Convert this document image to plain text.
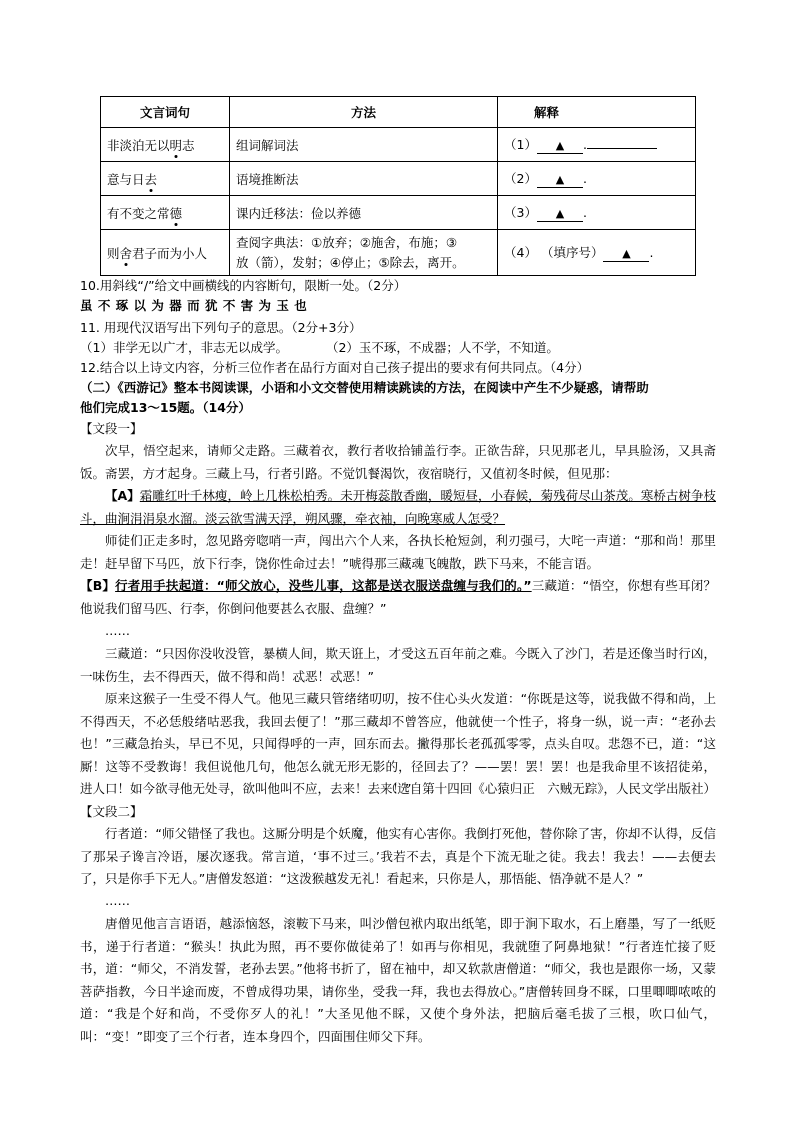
文言词句	方法	解释
非淡泊无以明志	组词解词法	（1） ▲ .
意与日去	语境推断法	（2） ▲ .
有不变之常德	课内迁移法：俭以养德	（3） ▲ .
则舍君子而为小人	查阅字典法：①放弃；②施舍，布施；③
放（箭），发射；④停止；⑤除去，离开。	（4） （填序号） ▲ .
10.用斜线“/”给文中画横线的内容断句，限断一处。（2分）
虽 不 琢 以 为 器 而 犹 不 害 为 玉 也
11. 用现代汉语写出下列句子的意思。（2分+3分）
（1）非学无以广才，非志无以成学。	（2）玉不琢，不成器；人不学，不知道。
12.结合以上诗文内容，分析三位作者在品行方面对自己孩子提出的要求有何共同点。（4分）
（二）《西游记》整本书阅读课，小语和小文交替使用精读跳读的方法，在阅读中产生不少疑惑，请帮助
他们完成13～15题。（14分）
【文段一】
次早，悟空起来，请师父走路。三藏着衣，教行者收拾铺盖行李。正欲告辞，只见那老儿，早具脸汤，又具斋饭。斋罢，方才起身。三藏上马，行者引路。不觉饥餐渴饮，夜宿晓行，又值初冬时候，但见那：
【A】霜雕红叶千林瘦，岭上几株松柏秀。未开梅蕊散香幽，暖短昼，小春候，菊残荷尽山茶茂。寒桥古树争枝斗，曲涧涓涓泉水溜。淡云欲雪满天浮，朔风骤，牵衣袖，向晚寒威人怎受？
师徒们正走多时，忽见路旁唿哨一声，闯出六个人来，各执长枪短剑，利刃强弓，大咤一声道：“那和尚！那里走！赶早留下马匹，放下行李，饶你性命过去！”唬得那三藏魂飞魄散，跌下马来，不能言语。
【B】行者用手扶起道：“师父放心，没些儿事，这都是送衣服送盘缠与我们的。”三藏道：“悟空，你想有些耳闭？他说我们留马匹、行李，你倒问他要甚么衣服、盘缠？”
……
三藏道：“只因你没收没管，暴横人间，欺天诳上，才受这五百年前之难。今既入了沙门，若是还像当时行凶，一味伤生，去不得西天，做不得和尚！忒恶！忒恶！”
原来这猴子一生受不得人气。他见三藏只管绪绪叨叨，按不住心头火发道：“你既是这等，说我做不得和尚，上不得西天，不必恁般绪咕恶我，我回去便了！”那三藏却不曾答应，他就使一个性子，将身一纵，说一声：“老孙去也！”三藏急抬头，早已不见，只闻得呼的一声，回东而去。撇得那长老孤孤零零，点头自叹。悲怨不已，道：“这厮！这等不受教诲！我但说他几句，他怎么就无形无影的，径回去了？——罢！罢！罢！也是我命里不该招徒弟，进人口！如今欲寻他无处寻，欲叫他叫不应，去来！去来！”
（选自第十四回《心猿归正　六贼无踪》，人民文学出版社）
【文段二】
行者道：“师父错怪了我也。这厮分明是个妖魔，他实有心害你。我倒打死他，替你除了害，你却不认得，反信了那呆子谗言冷语，屡次逐我。常言道，‘事不过三。’我若不去，真是个下流无耻之徒。我去！我去！——去便去了，只是你手下无人。”唐僧发怒道：“这泼猴越发无礼！看起来，只你是人，那悟能、悟净就不是人？”
……
唐僧见他言言语语，越添恼怒，滚鞍下马来，叫沙僧包袱内取出纸笔，即于涧下取水，石上磨墨，写了一纸贬书，递于行者道：“猴头！执此为照，再不要你做徒弟了！如再与你相见，我就堕了阿鼻地狱！”行者连忙接了贬书，道：“师父，不消发誓，老孙去罢。”他将书折了，留在袖中，却又软款唐僧道：“师父，我也是跟你一场，又蒙菩萨指教，今日半途而废，不曾成得功果，请你坐，受我一拜，我也去得放心。”唐僧转回身不睬，口里唧唧哝哝的道：“我是个好和尚，不受你歹人的礼！”大圣见他不睬，又使个身外法，把脑后毫毛拔了三根，吹口仙气，叫：“变！”即变了三个行者，连本身四个，四面围住师父下拜。
